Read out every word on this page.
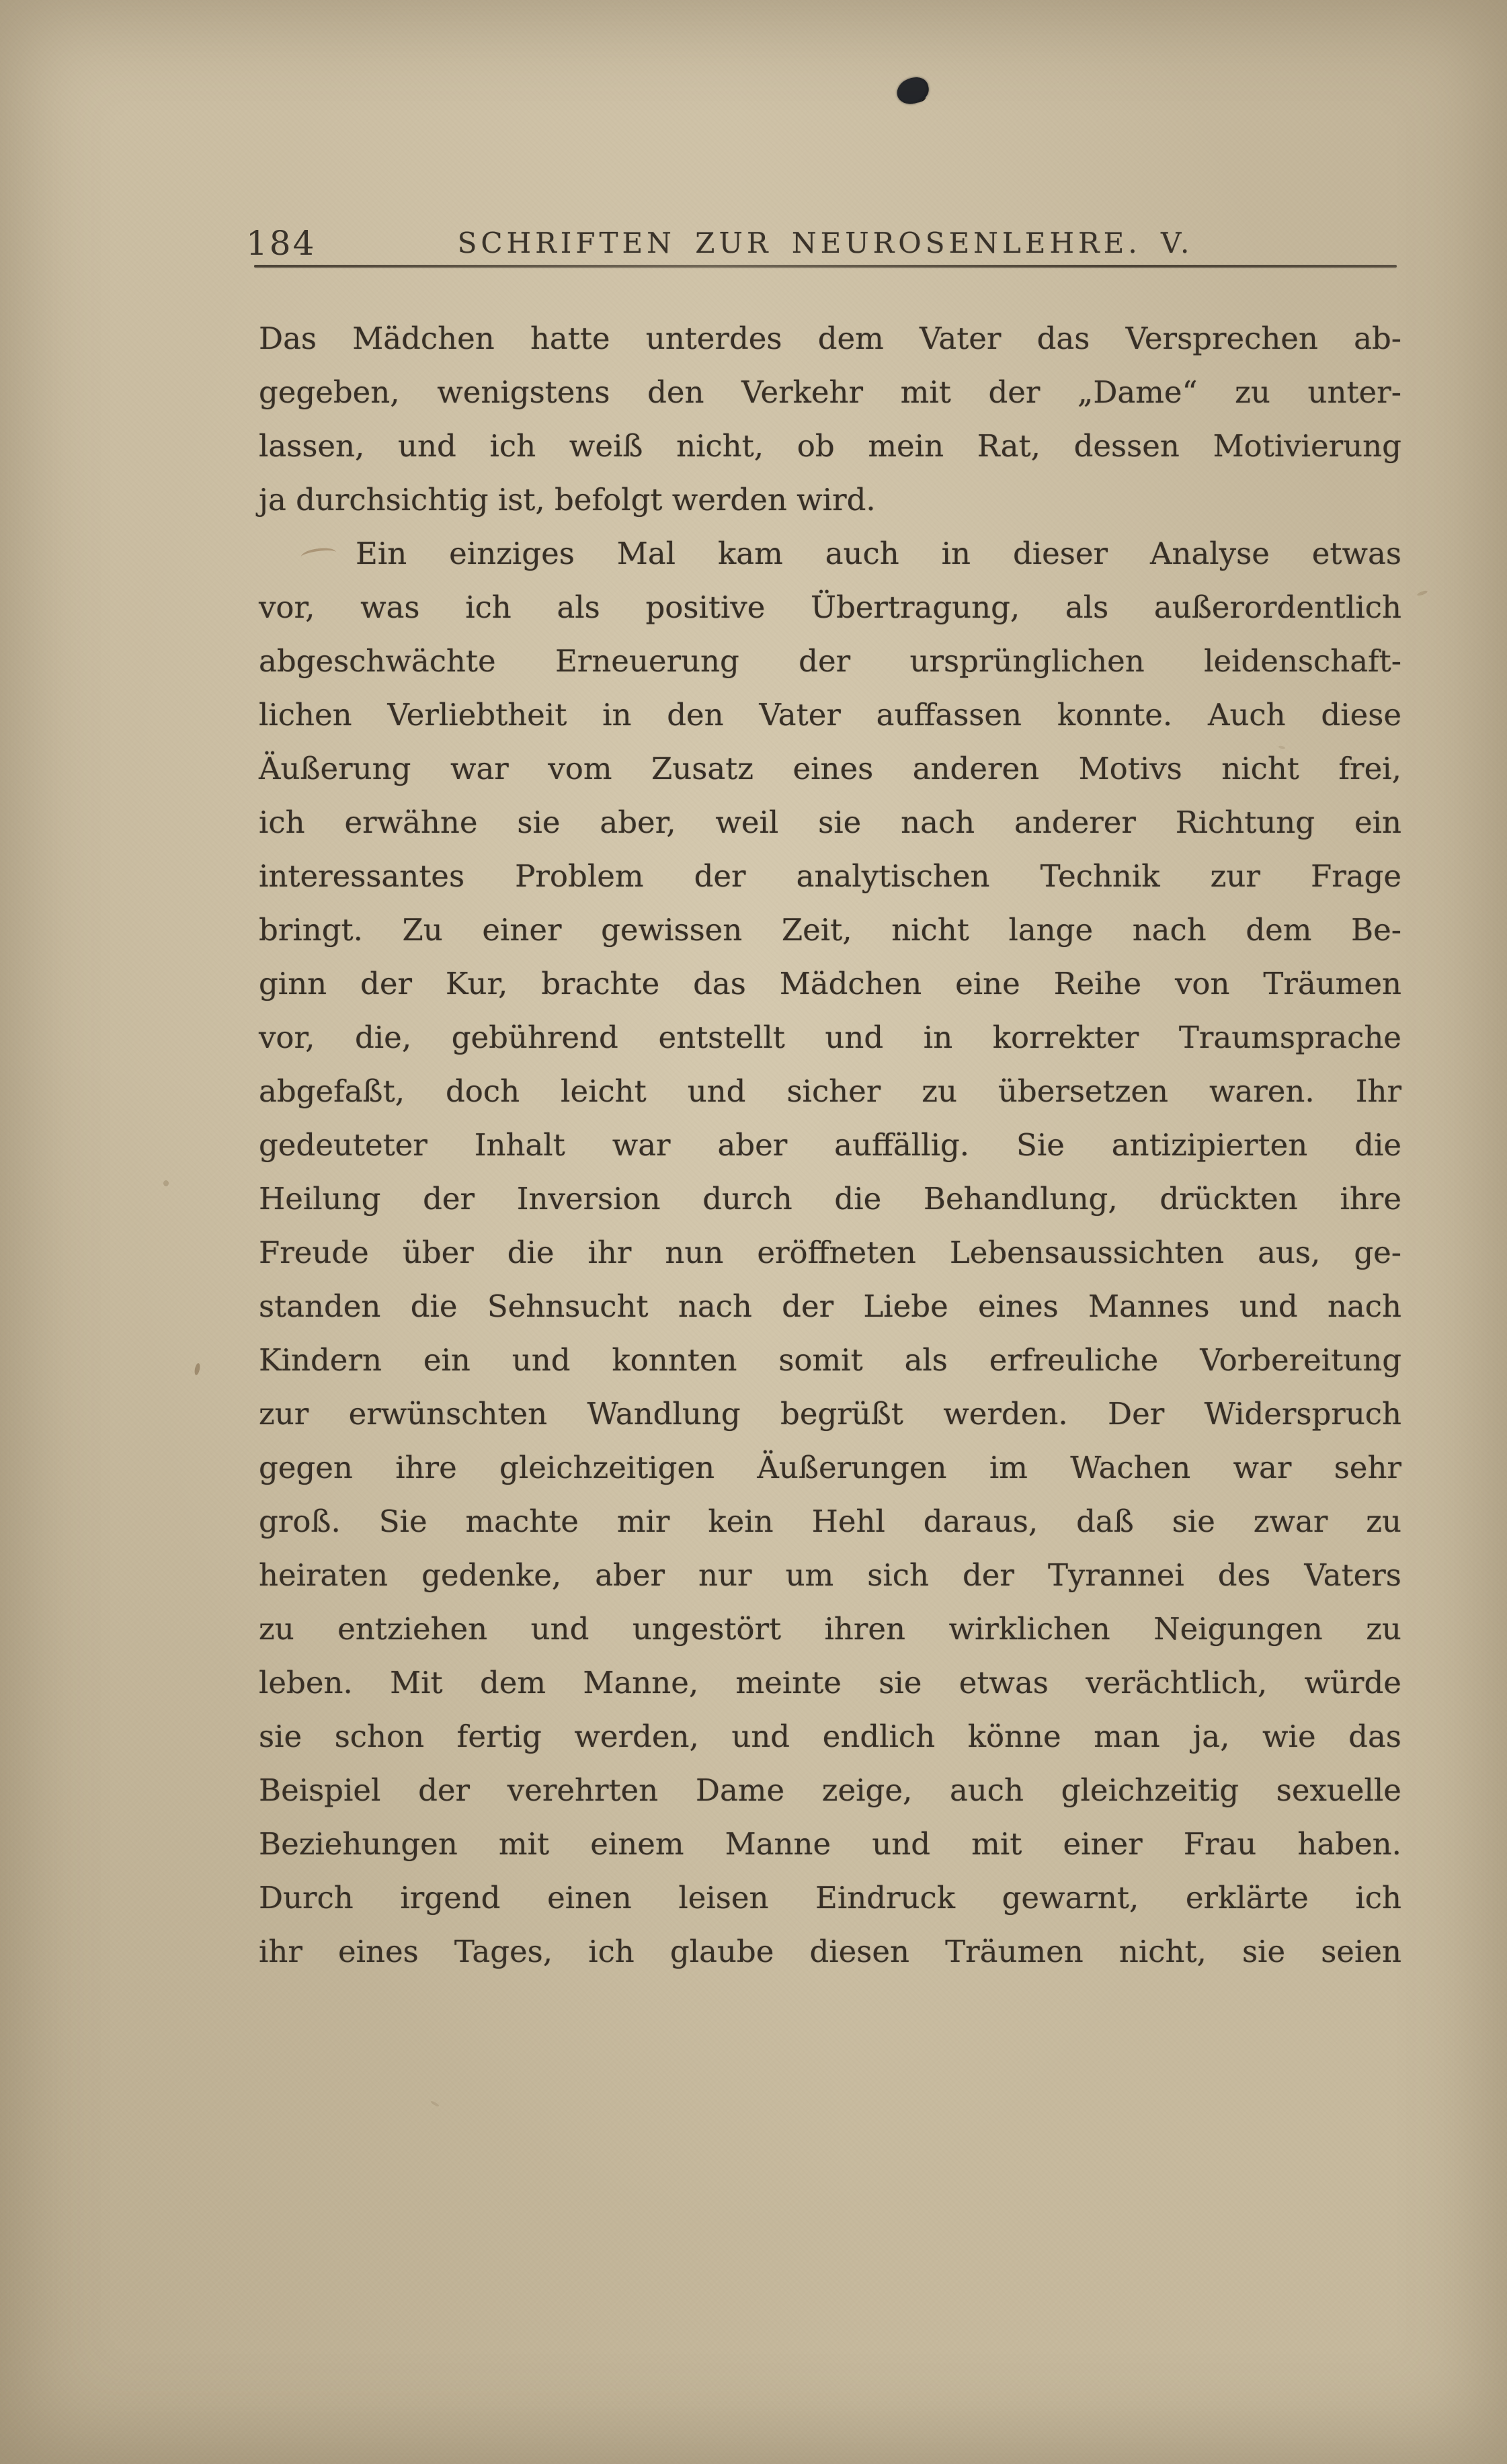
184	SCHRIFTEN ZUR NEUROSENLEHRE. V.
Das Mädchen hatte unterdes dem Vater das Versprechen ab-
gegeben, wenigstens den Verkehr mit der „Dame“ zu unter-
lassen, und ich weiß nicht, ob mein Rat, dessen Motivierung
ja durchsichtig ist, befolgt werden wird.
Ein einziges Mal kam auch in dieser Analyse etwas
vor, was ich als positive Übertragung, als außerordentlich
abgeschwächte Erneuerung der ursprünglichen leidenschaft-
lichen Verliebtheit in den Vater auffassen konnte. Auch diese
Äußerung war vom Zusatz eines anderen Motivs nicht frei,
ich erwähne sie aber, weil sie nach anderer Richtung ein
interessantes Problem der analytischen Technik zur Frage
bringt. Zu einer gewissen Zeit, nicht lange nach dem Be-
ginn der Kur, brachte das Mädchen eine Reihe von Träumen
vor, die, gebührend entstellt und in korrekter Traumsprache
abgefaßt, doch leicht und sicher zu übersetzen waren. Ihr
gedeuteter Inhalt war aber auffällig. Sie antizipierten die
Heilung der Inversion durch die Behandlung, drückten ihre
Freude über die ihr nun eröffneten Lebensaussichten aus, ge-
standen die Sehnsucht nach der Liebe eines Mannes und nach
Kindern ein und konnten somit als erfreuliche Vorbereitung
zur erwünschten Wandlung begrüßt werden. Der Widerspruch
gegen ihre gleichzeitigen Äußerungen im Wachen war sehr
groß. Sie machte mir kein Hehl daraus, daß sie zwar zu
heiraten gedenke, aber nur um sich der Tyrannei des Vaters
zu entziehen und ungestört ihren wirklichen Neigungen zu
leben. Mit dem Manne, meinte sie etwas verächtlich, würde
sie schon fertig werden, und endlich könne man ja, wie das
Beispiel der verehrten Dame zeige, auch gleichzeitig sexuelle
Beziehungen mit einem Manne und mit einer Frau haben.
Durch irgend einen leisen Eindruck gewarnt, erklärte ich
ihr eines Tages, ich glaube diesen Träumen nicht, sie seien
